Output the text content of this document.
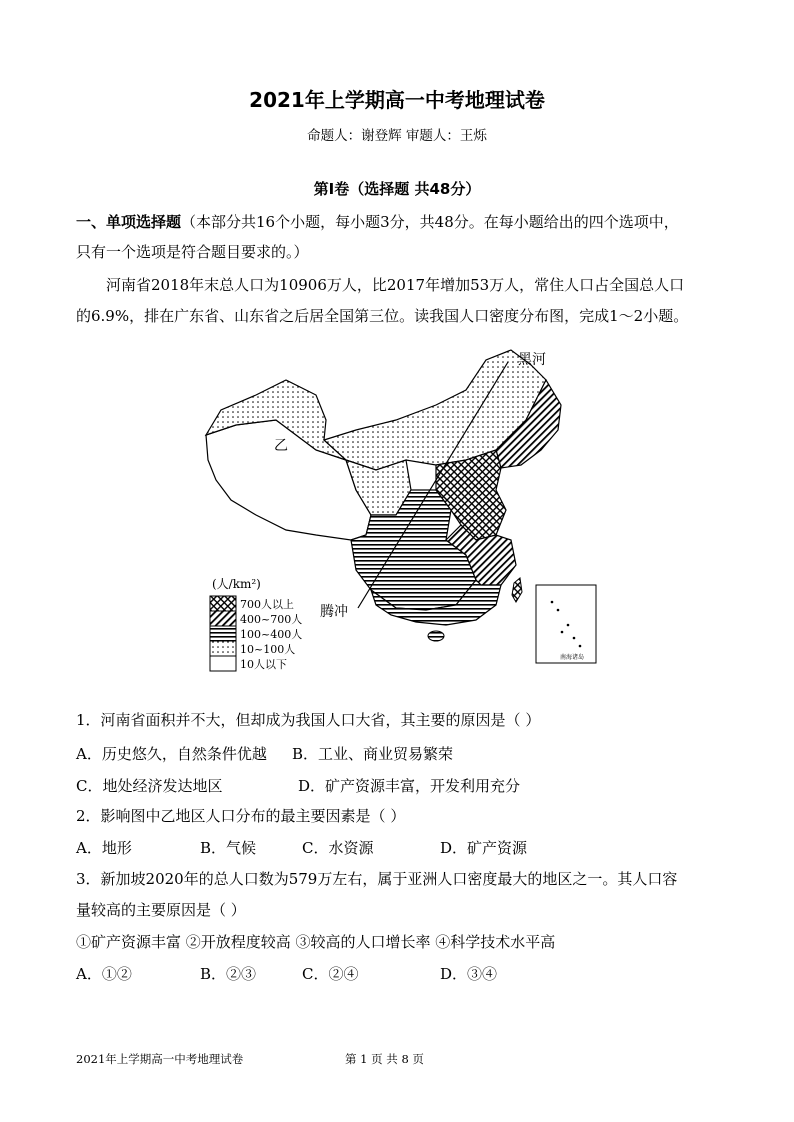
2021年上学期高一中考地理试卷
命题人：谢登辉 审题人：王烁
第Ⅰ卷（选择题 共48分）
一、单项选择题（本部分共16个小题，每小题3分，共48分。在每小题给出的四个选项中，
只有一个选项是符合题目要求的。）
河南省2018年末总人口为10906万人，比2017年增加53万人，常住人口占全国总人口
的6.9%，排在广东省、山东省之后居全国第三位。读我国人口密度分布图，完成1～2小题。
黑河
腾冲
乙
南海诸岛
(人/km²)
700人以上
400~700人
100~400人
10~100人
10人以下
1．河南省面积并不大，但却成为我国人口大省，其主要的原因是（ ）
A．历史悠久，自然条件优越 B．工业、商业贸易繁荣
C．地处经济发达地区	D．矿产资源丰富，开发利用充分
2．影响图中乙地区人口分布的最主要因素是（ ）
A．地形	B．气候	C．水资源	D．矿产资源
3．新加坡2020年的总人口数为579万左右，属于亚洲人口密度最大的地区之一。其人口容
量较高的主要原因是（ ）
①矿产资源丰富 ②开放程度较高 ③较高的人口增长率 ④科学技术水平高
A．①②	B．②③	C．②④	D．③④
2021年上学期高一中考地理试卷	第 1 页 共 8 页
